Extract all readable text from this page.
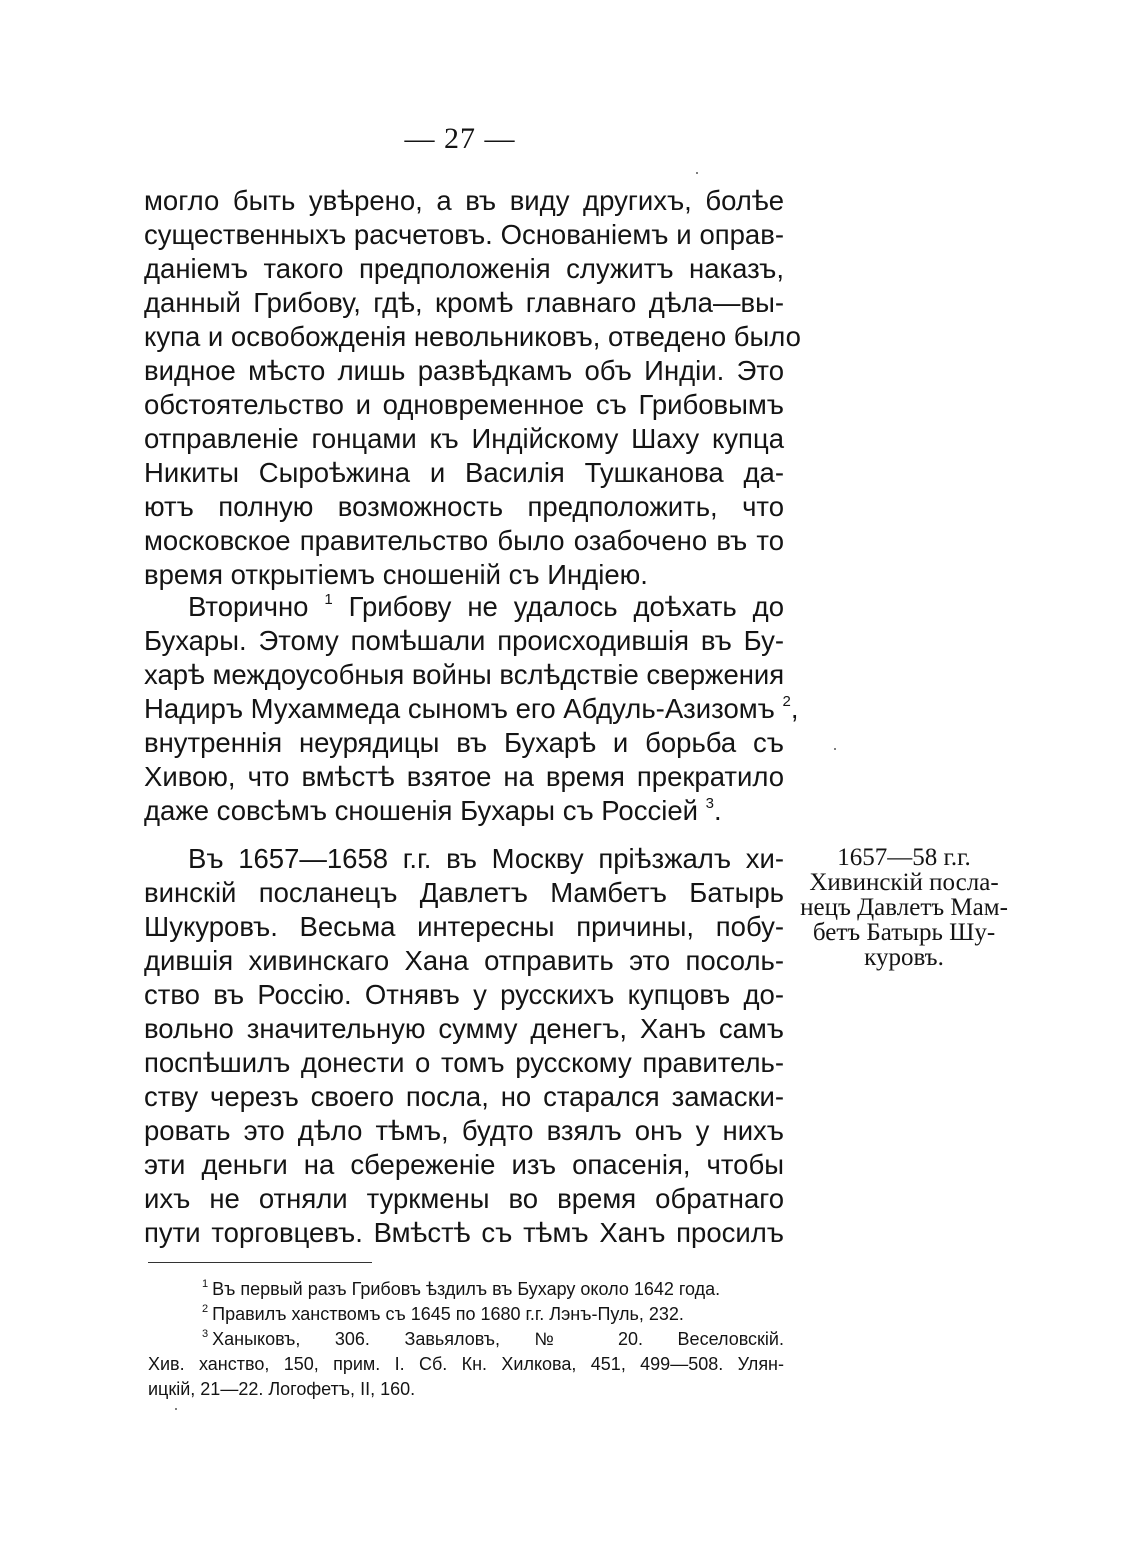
— 27 —
могло быть увѣрено, а въ виду другихъ, болѣе
существенныхъ расчетовъ. Основанiемъ и оправ-
данiемъ такого предположенiя служитъ наказъ,
данный Грибову, гдѣ, кромѣ главнаго дѣла—вы-
купа и освобожденiя невольниковъ, отведено было
видное мѣсто лишь развѣдкамъ объ Индiи. Это
обстоятельство и одновременное съ Грибовымъ
отправленiе гонцами къ Индiйскому Шаху купца
Никиты Сыроѣжина и Василiя Тушканова да-
ютъ полную возможность предположить, что
московское правительство было озабочено въ то
время открытiемъ сношенiй съ Индiею.
Вторично $^1$ Грибову не удалось доѣхать до
Бухары. Этому помѣшали происходившiя въ Бу-
харѣ междоусобныя войны вслѣдствiе свержения
Надиръ Мухаммеда сыномъ его Абдуль-Азизомъ $^2$,
внутреннiя неурядицы въ Бухарѣ и борьба съ
Хивою, что вмѣстѣ взятое на время прекратило
даже совсѣмъ сношенiя Бухары съ Россiей $^3$.
Въ 1657—1658 г.г. въ Москву прiѣзжалъ хи-
винскiй посланецъ Давлетъ Мамбетъ Батырь
Шукуровъ. Весьма интересны причины, побу-
дившiя хивинскаго Хана отправить это посоль-
ство въ Россiю. Отнявъ у русскихъ купцовъ до-
вольно значительную сумму денегъ, Ханъ самъ
поспѣшилъ донести о томъ русскому правитель-
ству черезъ своего посла, но старался замаски-
ровать это дѣло тѣмъ, будто взялъ онъ у нихъ
эти деньги на сбереженiе изъ опасенiя, чтобы
ихъ не отняли туркмены во время обратнаго
пути торговцевъ. Вмѣстѣ съ тѣмъ Ханъ просилъ
1657—58 г.г.
Хивинскiй посла-
нецъ Давлетъ Мам-
бетъ Батырь Шу-
куровъ.
$^1$ Въ первый разъ Грибовъ ѣздилъ въ Бухару около 1642 года.
$^2$ Правилъ ханствомъ съ 1645 по 1680 г.г. Лэнъ-Пуль, 232.
$^3$ Ханыковъ, 306. Завьяловъ, № 20. Веселовскiй.
Хив. ханство, 150, прим. I. Сб. Кн. Хилкова, 451, 499—508. Улян-
ицкiй, 21—22. Логофетъ, II, 160.
